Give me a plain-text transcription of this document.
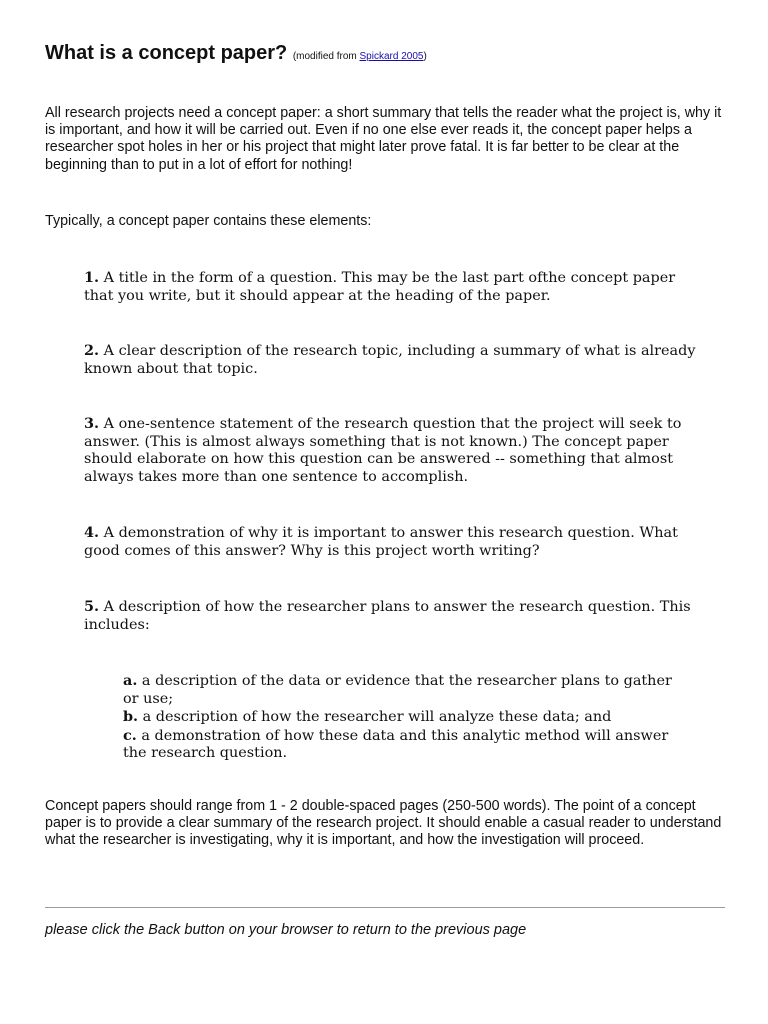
What is a concept paper? (modified from Spickard 2005)

All research projects need a concept paper: a short summary that tells the reader what the project is, why it is important, and how it will be carried out. Even if no one else ever reads it, the concept paper helps a researcher spot holes in her or his project that might later prove fatal. It is far better to be clear at the beginning than to put in a lot of effort for nothing!

Typically, a concept paper contains these elements:

1. A title in the form of a question. This may be the last part ofthe concept paper that you write, but it should appear at the heading of the paper.

2. A clear description of the research topic, including a summary of what is already known about that topic.

3. A one-sentence statement of the research question that the project will seek to answer. (This is almost always something that is not known.) The concept paper should elaborate on how this question can be answered -- something that almost always takes more than one sentence to accomplish.

4. A demonstration of why it is important to answer this research question. What good comes of this answer? Why is this project worth writing?

5. A description of how the researcher plans to answer the research question. This includes:

a. a description of the data or evidence that the researcher plans to gather or use;

b. a description of how the researcher will analyze these data; and

c. a demonstration of how these data and this analytic method will answer the research question.

Concept papers should range from 1 - 2 double-spaced pages (250-500 words). The point of a concept paper is to provide a clear summary of the research project. It should enable a casual reader to understand what the researcher is investigating, why it is important, and how the investigation will proceed.

please click the Back button on your browser to return to the previous page
